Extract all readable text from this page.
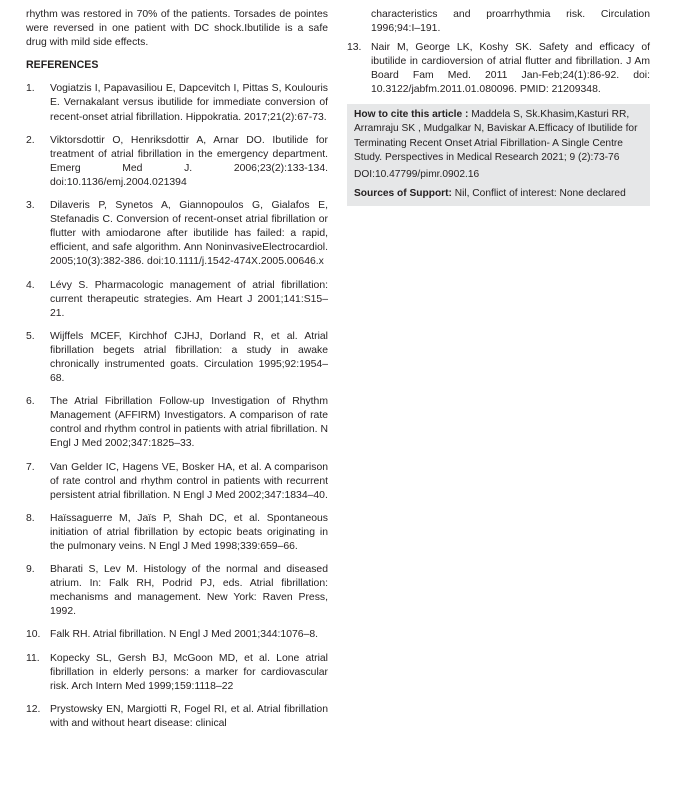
rhythm was restored in 70% of the patients. Torsades de pointes were reversed in one patient with DC shock.Ibutilide is a safe drug with mild side effects.

REFERENCES
1. Vogiatzis I, Papavasiliou E, Dapcevitch I, Pittas S, Koulouris E. Vernakalant versus ibutilide for immediate conversion of recent-onset atrial fibrillation. Hippokratia. 2017;21(2):67-73.
2. Viktorsdottir O, Henriksdottir A, Arnar DO. Ibutilide for treatment of atrial fibrillation in the emergency department. Emerg Med J. 2006;23(2):133-134. doi:10.1136/emj.2004.021394
3. Dilaveris P, Synetos A, Giannopoulos G, Gialafos E, Stefanadis C. Conversion of recent-onset atrial fibrillation or flutter with amiodarone after ibutilide has failed: a rapid, efficient, and safe algorithm. Ann NoninvasiveElectrocardiol. 2005;10(3):382-386. doi:10.1111/j.1542-474X.2005.00646.x
4. Lévy S. Pharmacologic management of atrial fibrillation: current therapeutic strategies. Am Heart J 2001;141:S15–21.
5. Wijffels MCEF, Kirchhof CJHJ, Dorland R, et al. Atrial fibrillation begets atrial fibrillation: a study in awake chronically instrumented goats. Circulation 1995;92:1954–68.
6. The Atrial Fibrillation Follow-up Investigation of Rhythm Management (AFFIRM) Investigators. A comparison of rate control and rhythm control in patients with atrial fibrillation. N Engl J Med 2002;347:1825–33.
7. Van Gelder IC, Hagens VE, Bosker HA, et al. A comparison of rate control and rhythm control in patients with recurrent persistent atrial fibrillation. N Engl J Med 2002;347:1834–40.
8. Haïssaguerre M, Jaïs P, Shah DC, et al. Spontaneous initiation of atrial fibrillation by ectopic beats originating in the pulmonary veins. N Engl J Med 1998;339:659–66.
9. Bharati S, Lev M. Histology of the normal and diseased atrium. In: Falk RH, Podrid PJ, eds. Atrial fibrillation: mechanisms and management. New York: Raven Press, 1992.
10. Falk RH. Atrial fibrillation. N Engl J Med 2001;344:1076–8.
11. Kopecky SL, Gersh BJ, McGoon MD, et al. Lone atrial fibrillation in elderly persons: a marker for cardiovascular risk. Arch Intern Med 1999;159:1118–22
12. Prystowsky EN, Margiotti R, Fogel RI, et al. Atrial fibrillation with and without heart disease: clinical

characteristics and proarrhythmia risk. Circulation 1996;94:I–191.

13. Nair M, George LK, Koshy SK. Safety and efficacy of ibutilide in cardioversion of atrial flutter and fibrillation. J Am Board Fam Med. 2011 Jan-Feb;24(1):86-92. doi: 10.3122/jabfm.2011.01.080096. PMID: 21209348.
How to cite this article : Maddela S, Sk.Khasim,Kasturi RR, Arramraju SK , Mudgalkar N, Baviskar A.Efficacy of Ibutilide for Terminating Recent Onset Atrial Fibrillation- A Single Centre Study. Perspectives in Medical Research 2021; 9 (2):73-76
DOI:10.47799/pimr.0902.16
Sources of Support: Nil, Conflict of interest: None declared
